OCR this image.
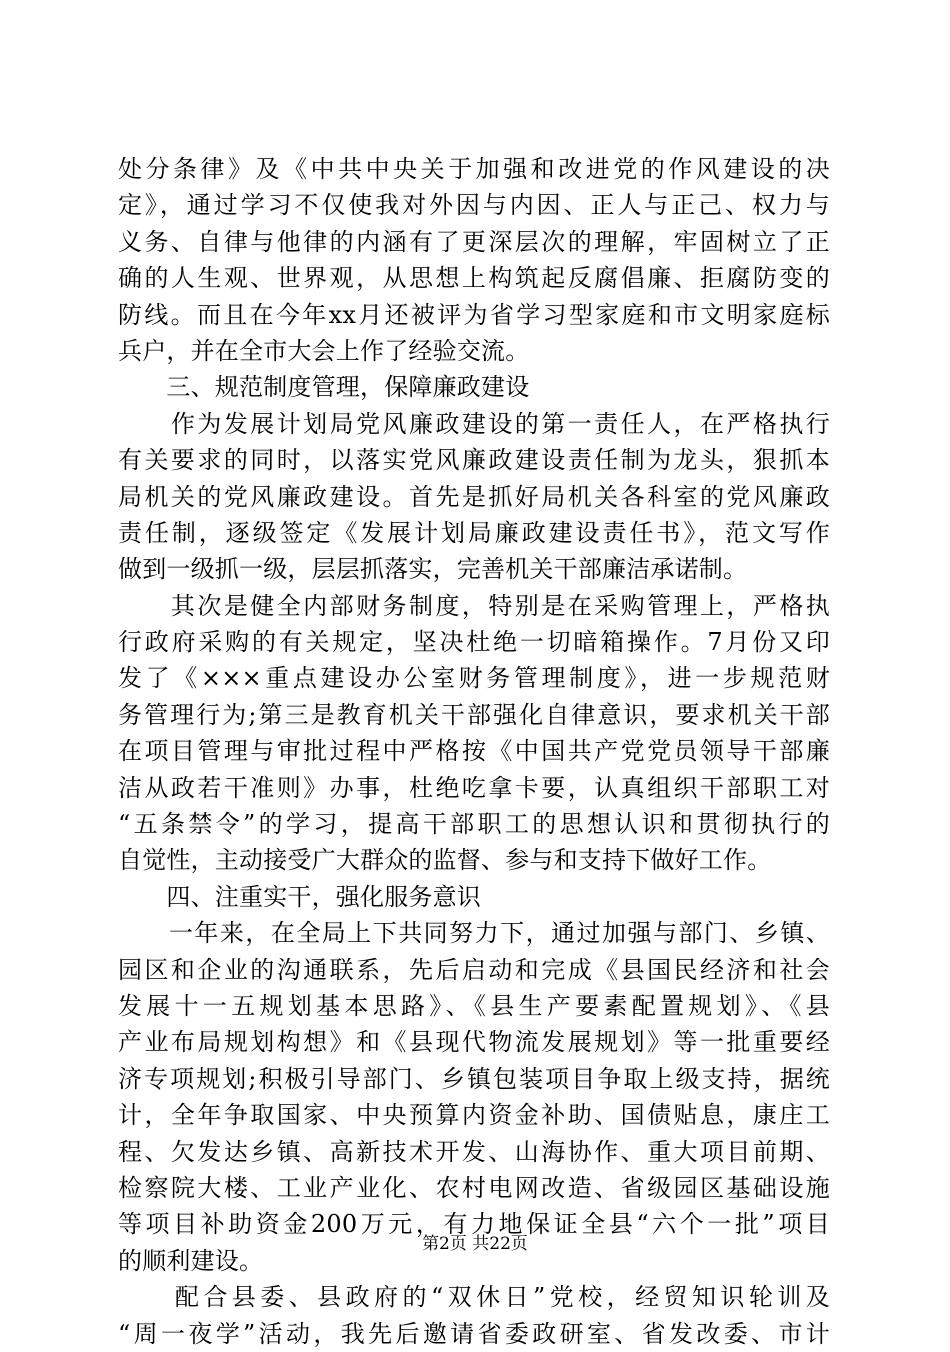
处分条律》及《中共中央关于加强和改进党的作风建设的决
定》，通过学习不仅使我对外因与内因、正人与正己、权力与
义务、自律与他律的内涵有了更深层次的理解，牢固树立了正
确的人生观、世界观，从思想上构筑起反腐倡廉、拒腐防变的
防线。而且在今年xx月还被评为省学习型家庭和市文明家庭标
兵户，并在全市大会上作了经验交流。
　　三、规范制度管理，保障廉政建设
　　作为发展计划局党风廉政建设的第一责任人，在严格执行
有关要求的同时，以落实党风廉政建设责任制为龙头，狠抓本
局机关的党风廉政建设。首先是抓好局机关各科室的党风廉政
责任制，逐级签定《发展计划局廉政建设责任书》，范文写作
做到一级抓一级，层层抓落实，完善机关干部廉洁承诺制。
　　其次是健全内部财务制度，特别是在采购管理上，严格执
行政府采购的有关规定，坚决杜绝一切暗箱操作。7月份又印
发了《×××重点建设办公室财务管理制度》，进一步规范财
务管理行为;第三是教育机关干部强化自律意识，要求机关干部
在项目管理与审批过程中严格按《中国共产党党员领导干部廉
洁从政若干准则》办事，杜绝吃拿卡要，认真组织干部职工对
“五条禁令”的学习，提高干部职工的思想认识和贯彻执行的
自觉性，主动接受广大群众的监督、参与和支持下做好工作。
　　四、注重实干，强化服务意识
　　一年来，在全局上下共同努力下，通过加强与部门、乡镇、
园区和企业的沟通联系，先后启动和完成《县国民经济和社会
发展十一五规划基本思路》、《县生产要素配置规划》、《县
产业布局规划构想》和《县现代物流发展规划》等一批重要经
济专项规划;积极引导部门、乡镇包装项目争取上级支持，据统
计，全年争取国家、中央预算内资金补助、国债贴息，康庄工
程、欠发达乡镇、高新技术开发、山海协作、重大项目前期、
检察院大楼、工业产业化、农村电网改造、省级园区基础设施
等项目补助资金200万元，有力地保证全县“六个一批”项目
的顺利建设。
　　配合县委、县政府的“双休日”党校，经贸知识轮训及
“周一夜学”活动，我先后邀请省委政研室、省发改委、市计
第2页 共22页
